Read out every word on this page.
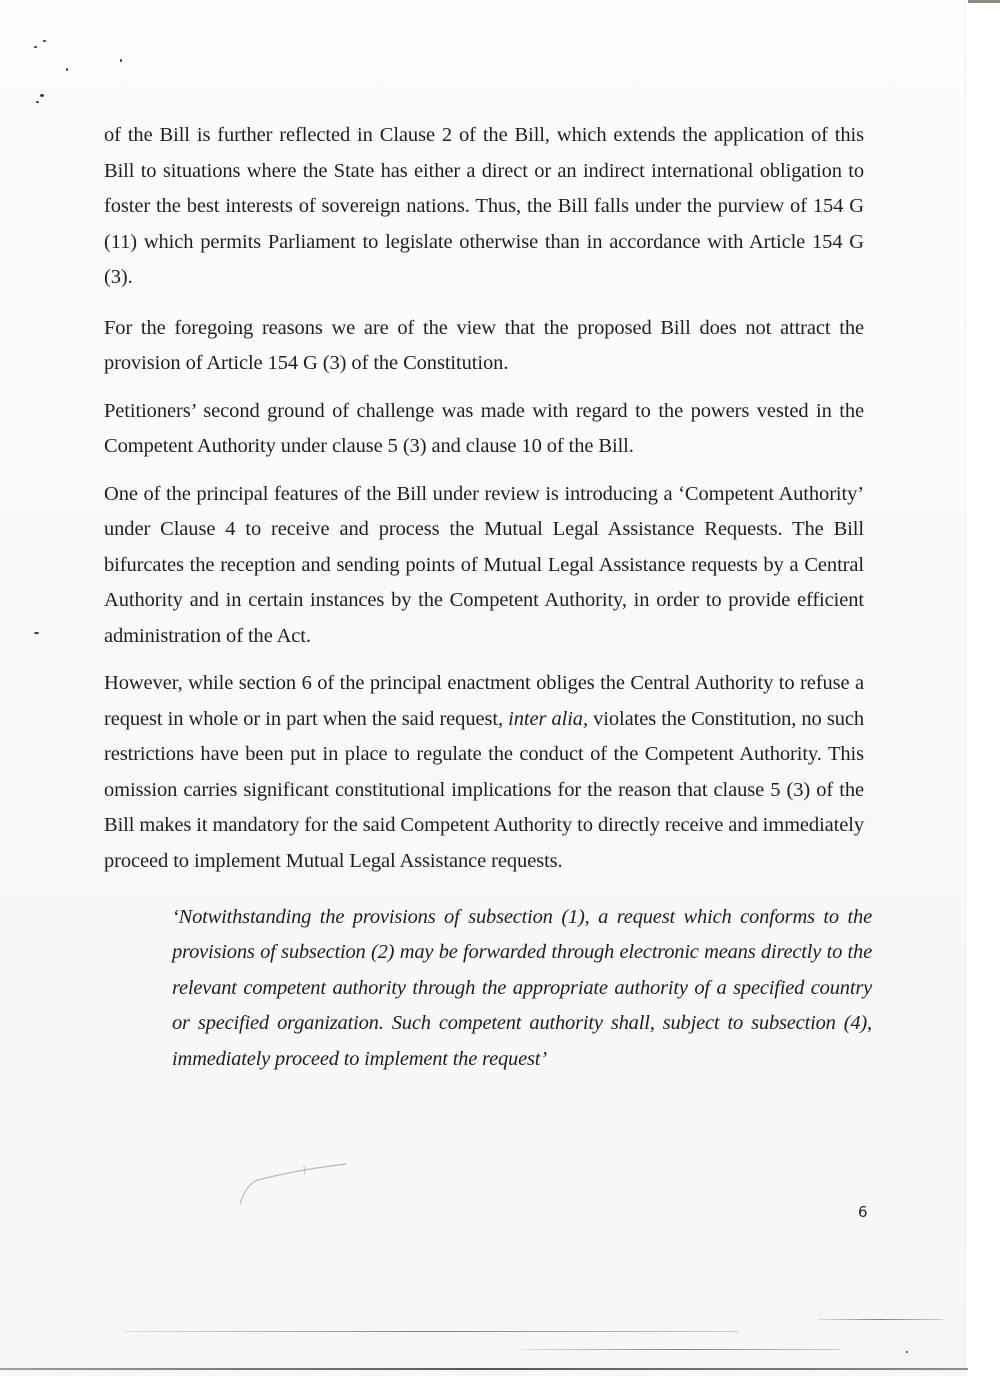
of the Bill is further reflected in Clause 2 of the Bill, which extends the application of this Bill to situations where the State has either a direct or an indirect international obligation to foster the best interests of sovereign nations. Thus, the Bill falls under the purview of 154 G (11) which permits Parliament to legislate otherwise than in accordance with Article 154 G (3).

For the foregoing reasons we are of the view that the proposed Bill does not attract the provision of Article 154 G (3) of the Constitution.

Petitioners’ second ground of challenge was made with regard to the powers vested in the Competent Authority under clause 5 (3) and clause 10 of the Bill.

One of the principal features of the Bill under review is introducing a ‘Competent Authority’ under Clause 4 to receive and process the Mutual Legal Assistance Requests. The Bill bifurcates the reception and sending points of Mutual Legal Assistance requests by a Central Authority and in certain instances by the Competent Authority, in order to provide efficient administration of the Act.

However, while section 6 of the principal enactment obliges the Central Authority to refuse a request in whole or in part when the said request, inter alia, violates the Constitution, no such restrictions have been put in place to regulate the conduct of the Competent Authority. This omission carries significant constitutional implications for the reason that clause 5 (3) of the Bill makes it mandatory for the said Competent Authority to directly receive and immediately proceed to implement Mutual Legal Assistance requests.

‘Notwithstanding the provisions of subsection (1), a request which conforms to the provisions of subsection (2) may be forwarded through electronic means directly to the relevant competent authority through the appropriate authority of a specified country or specified organization. Such competent authority shall, subject to subsection (4), immediately proceed to implement the request’

6
